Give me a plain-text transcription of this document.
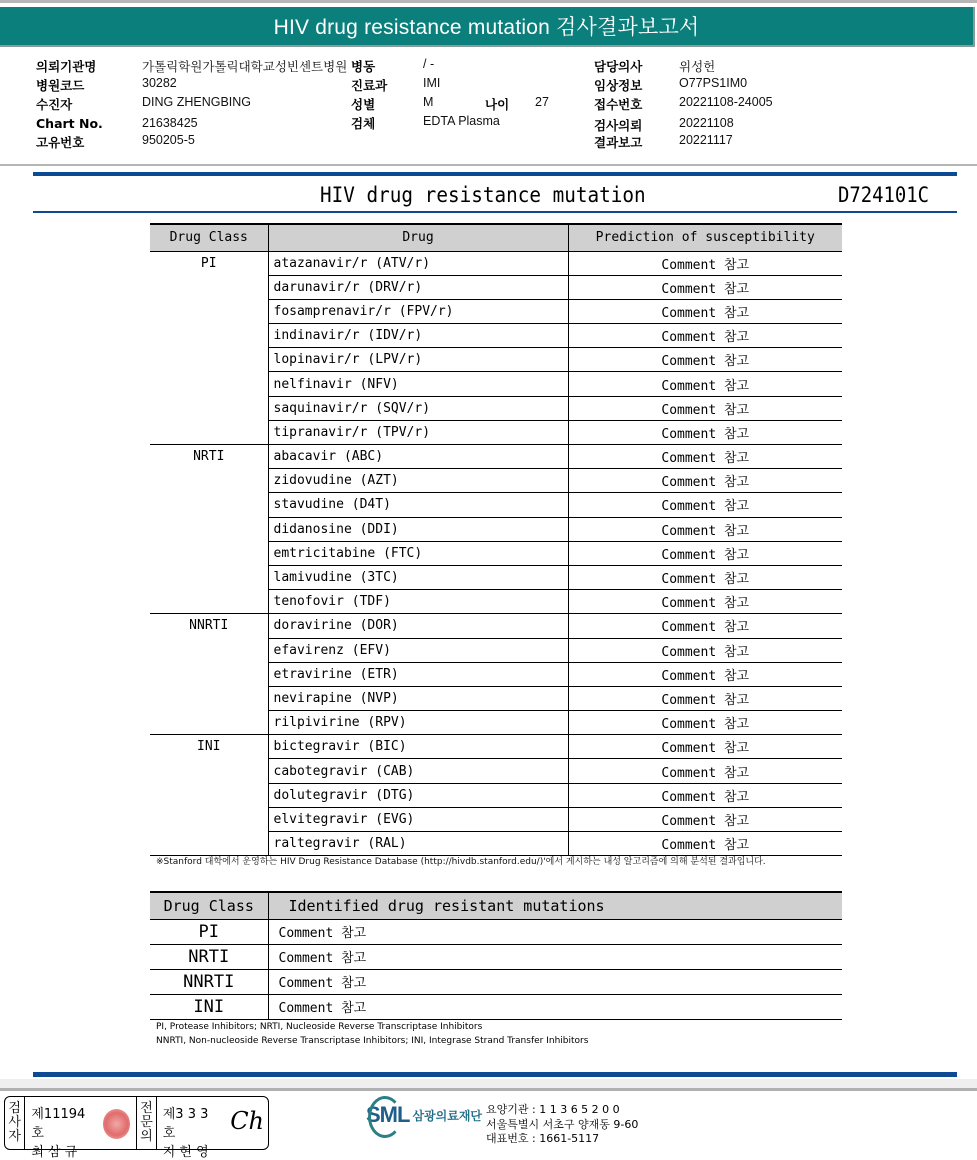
HIV drug resistance mutation 검사결과보고서
의뢰기관명	가톨릭학원가톨릭대학교성빈센트병원
병원코드	30282
수진자	DING ZHENGBING
Chart No.	21638425
고유번호	950205-5
병동	/ -
진료과	IMI
성별	M	나이 27
검체	EDTA Plasma
담당의사	위성헌
임상정보	O77PS1IM0
접수번호	20221108-24005
검사의뢰	20221108
결과보고	20221117
HIV drug resistance mutation	D724101C
Drug Class	Drug	Prediction of susceptibility
PI	atazanavir/r (ATV/r)	Comment 참고
	darunavir/r (DRV/r)	Comment 참고
	fosamprenavir/r (FPV/r)	Comment 참고
	indinavir/r (IDV/r)	Comment 참고
	lopinavir/r (LPV/r)	Comment 참고
	nelfinavir (NFV)	Comment 참고
	saquinavir/r (SQV/r)	Comment 참고
	tipranavir/r (TPV/r)	Comment 참고
NRTI	abacavir (ABC)	Comment 참고
	zidovudine (AZT)	Comment 참고
	stavudine (D4T)	Comment 참고
	didanosine (DDI)	Comment 참고
	emtricitabine (FTC)	Comment 참고
	lamivudine (3TC)	Comment 참고
	tenofovir (TDF)	Comment 참고
NNRTI	doravirine (DOR)	Comment 참고
	efavirenz (EFV)	Comment 참고
	etravirine (ETR)	Comment 참고
	nevirapine (NVP)	Comment 참고
	rilpivirine (RPV)	Comment 참고
INI	bictegravir (BIC)	Comment 참고
	cabotegravir (CAB)	Comment 참고
	dolutegravir (DTG)	Comment 참고
	elvitegravir (EVG)	Comment 참고
	raltegravir (RAL)	Comment 참고
※Stanford 대학에서 운영하는 HIV Drug Resistance Database (http://hivdb.stanford.edu/)'에서 게시하는 내성 알고리즘에 의해 분석된 결과입니다.
Drug Class	Identified drug resistant mutations
PI	Comment 참고
NRTI	Comment 참고
NNRTI	Comment 참고
INI	Comment 참고
PI, Protease Inhibitors; NRTI, Nucleoside Reverse Transcriptase Inhibitors
NNRTI, Non-nucleoside Reverse Transcriptase Inhibitors; INI, Integrase Strand Transfer Inhibitors
검
사
자
제11194호
최 삼 규
전
문
의
제3 3 3 호
지 현 영
Ch	SML 삼광의료재단 요양기관 : 1 1 3 6 5 2 0 0
서울특별시 서초구 양재동 9-60
대표번호 : 1661-5117
